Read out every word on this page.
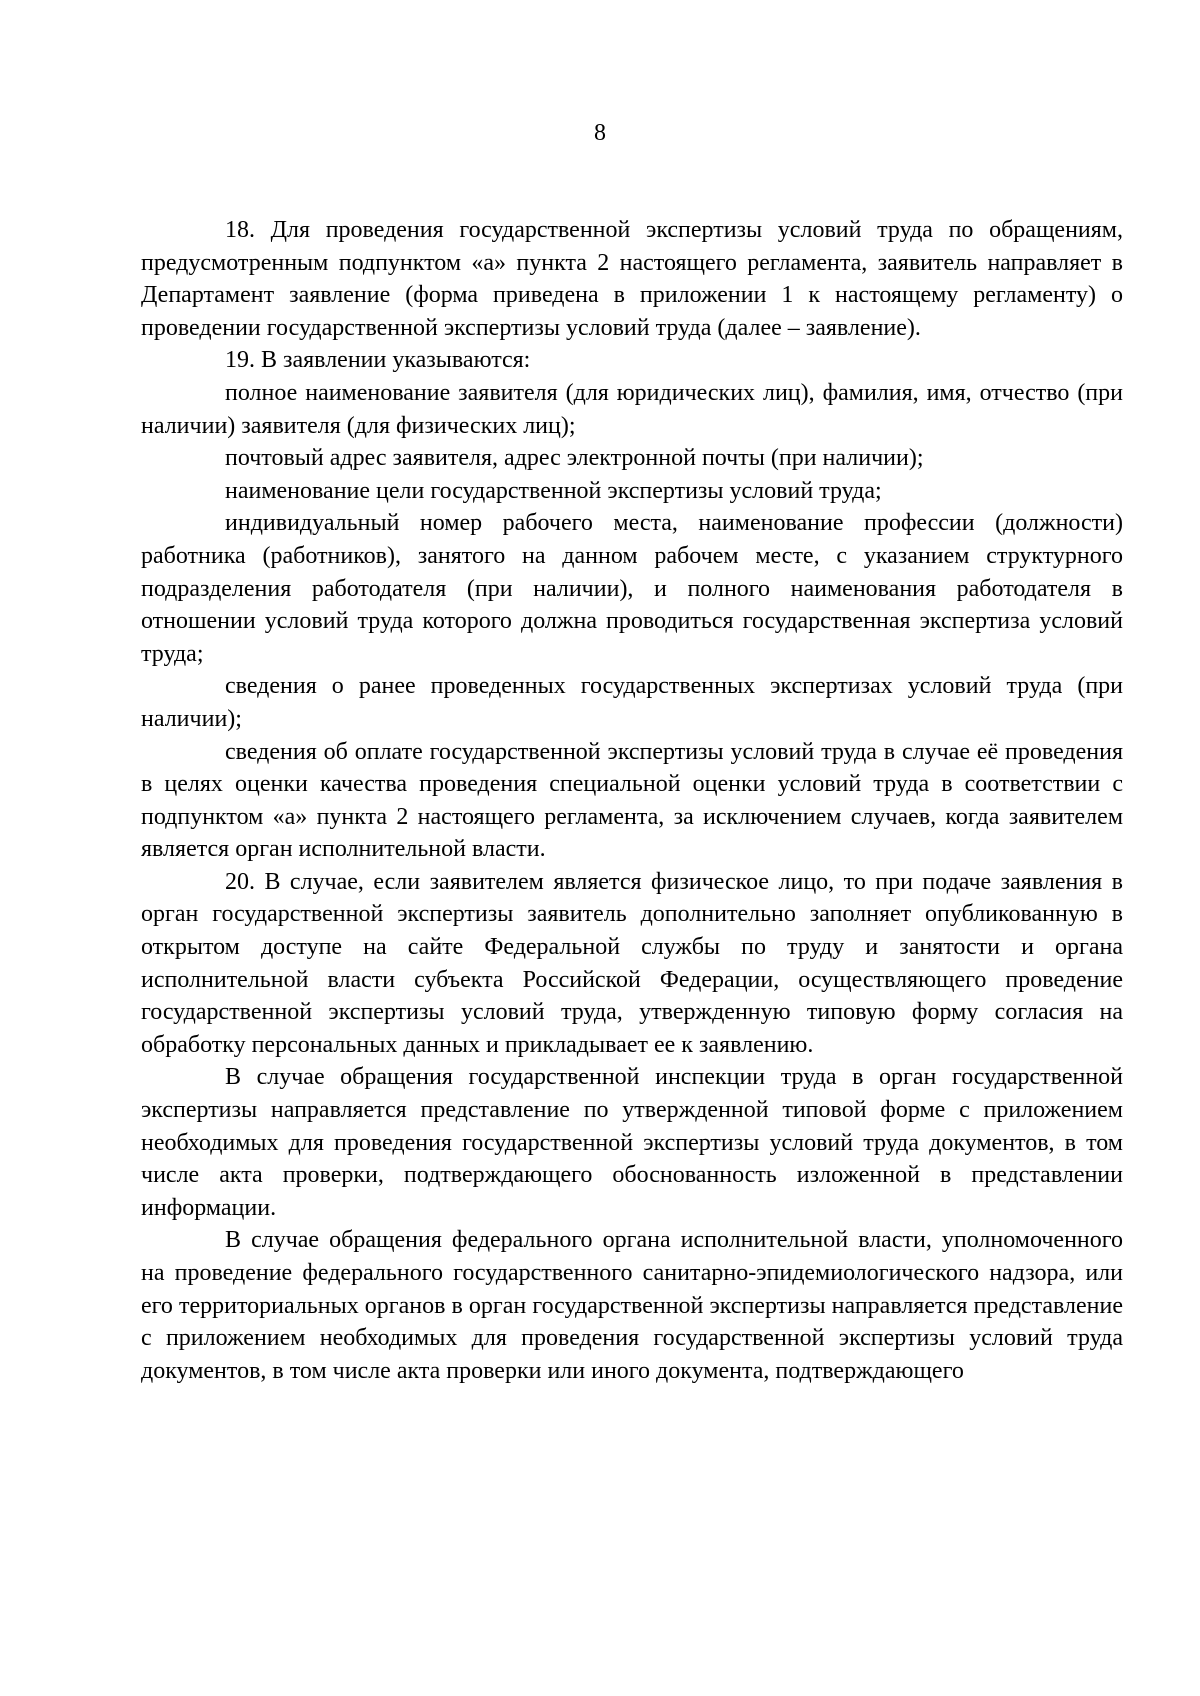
8

18. Для проведения государственной экспертизы условий труда по обращениям, предусмотренным подпунктом «а» пункта 2 настоящего регламента, заявитель направляет в Департамент заявление (форма приведена в приложении 1 к настоящему регламенту) о проведении государственной экспертизы условий труда (далее – заявление).

19. В заявлении указываются:

полное наименование заявителя (для юридических лиц), фамилия, имя, отчество (при наличии) заявителя (для физических лиц);

почтовый адрес заявителя, адрес электронной почты (при наличии);

наименование цели государственной экспертизы условий труда;

индивидуальный номер рабочего места, наименование профессии (должности) работника (работников), занятого на данном рабочем месте, с указанием структурного подразделения работодателя (при наличии), и полного наименования работодателя в отношении условий труда которого должна проводиться государственная экспертиза условий труда;

сведения о ранее проведенных государственных экспертизах условий труда (при наличии);

сведения об оплате государственной экспертизы условий труда в случае её проведения в целях оценки качества проведения специальной оценки условий труда в соответствии с подпунктом «а» пункта 2 настоящего регламента, за исключением случаев, когда заявителем является орган исполнительной власти.

20. В случае, если заявителем является физическое лицо, то при подаче заявления в орган государственной экспертизы заявитель дополнительно заполняет опубликованную в открытом доступе на сайте Федеральной службы по труду и занятости и органа исполнительной власти субъекта Российской Федерации, осуществляющего проведение государственной экспертизы условий труда, утвержденную типовую форму согласия на обработку персональных данных и прикладывает ее к заявлению.

В случае обращения государственной инспекции труда в орган государственной экспертизы направляется представление по утвержденной типовой форме с приложением необходимых для проведения государственной экспертизы условий труда документов, в том числе акта проверки, подтверждающего обоснованность изложенной в представлении информации.

В случае обращения федерального органа исполнительной власти, уполномоченного на проведение федерального государственного санитарно-эпидемиологического надзора, или его территориальных органов в орган государственной экспертизы направляется представление с приложением необходимых для проведения государственной экспертизы условий труда документов, в том числе акта проверки или иного документа, подтверждающего
